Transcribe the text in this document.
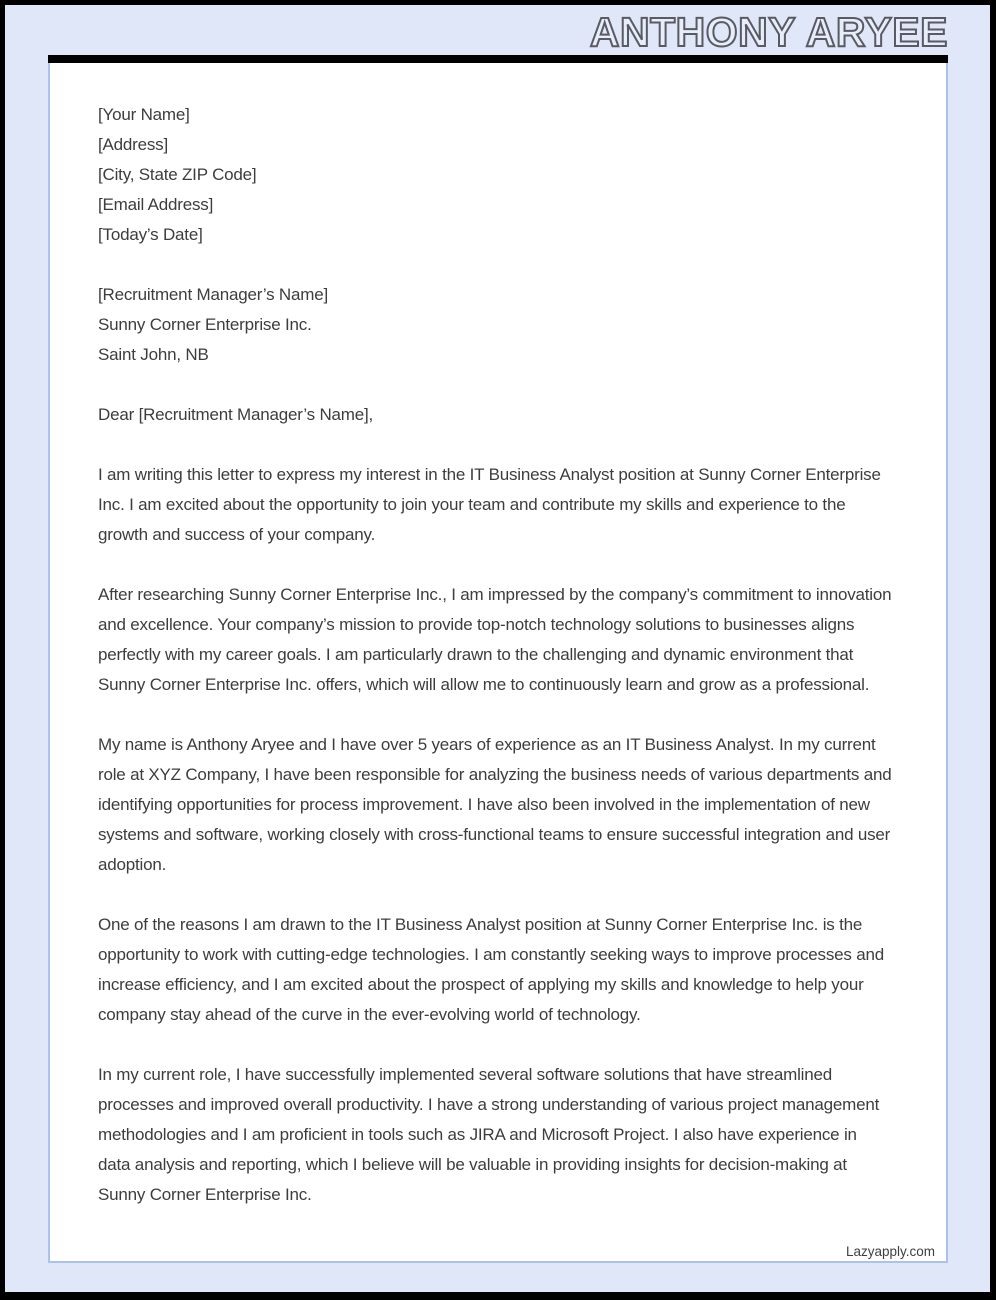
ANTHONY ARYEE
[Your Name]
[Address]
[City, State ZIP Code]
[Email Address]
[Today’s Date]
[Recruitment Manager’s Name]
Sunny Corner Enterprise Inc.
Saint John, NB
Dear [Recruitment Manager’s Name],

I am writing this letter to express my interest in the IT Business Analyst position at Sunny Corner Enterprise Inc. I am excited about the opportunity to join your team and contribute my skills and experience to the growth and success of your company.

After researching Sunny Corner Enterprise Inc., I am impressed by the company’s commitment to innovation and excellence. Your company’s mission to provide top-notch technology solutions to businesses aligns perfectly with my career goals. I am particularly drawn to the challenging and dynamic environment that Sunny Corner Enterprise Inc. offers, which will allow me to continuously learn and grow as a professional.

My name is Anthony Aryee and I have over 5 years of experience as an IT Business Analyst. In my current role at XYZ Company, I have been responsible for analyzing the business needs of various departments and identifying opportunities for process improvement. I have also been involved in the implementation of new systems and software, working closely with cross-functional teams to ensure successful integration and user adoption.

One of the reasons I am drawn to the IT Business Analyst position at Sunny Corner Enterprise Inc. is the opportunity to work with cutting-edge technologies. I am constantly seeking ways to improve processes and increase efficiency, and I am excited about the prospect of applying my skills and knowledge to help your company stay ahead of the curve in the ever-evolving world of technology.

In my current role, I have successfully implemented several software solutions that have streamlined processes and improved overall productivity. I have a strong understanding of various project management methodologies and I am proficient in tools such as JIRA and Microsoft Project. I also have experience in data analysis and reporting, which I believe will be valuable in providing insights for decision-making at Sunny Corner Enterprise Inc.

Lazyapply.com
